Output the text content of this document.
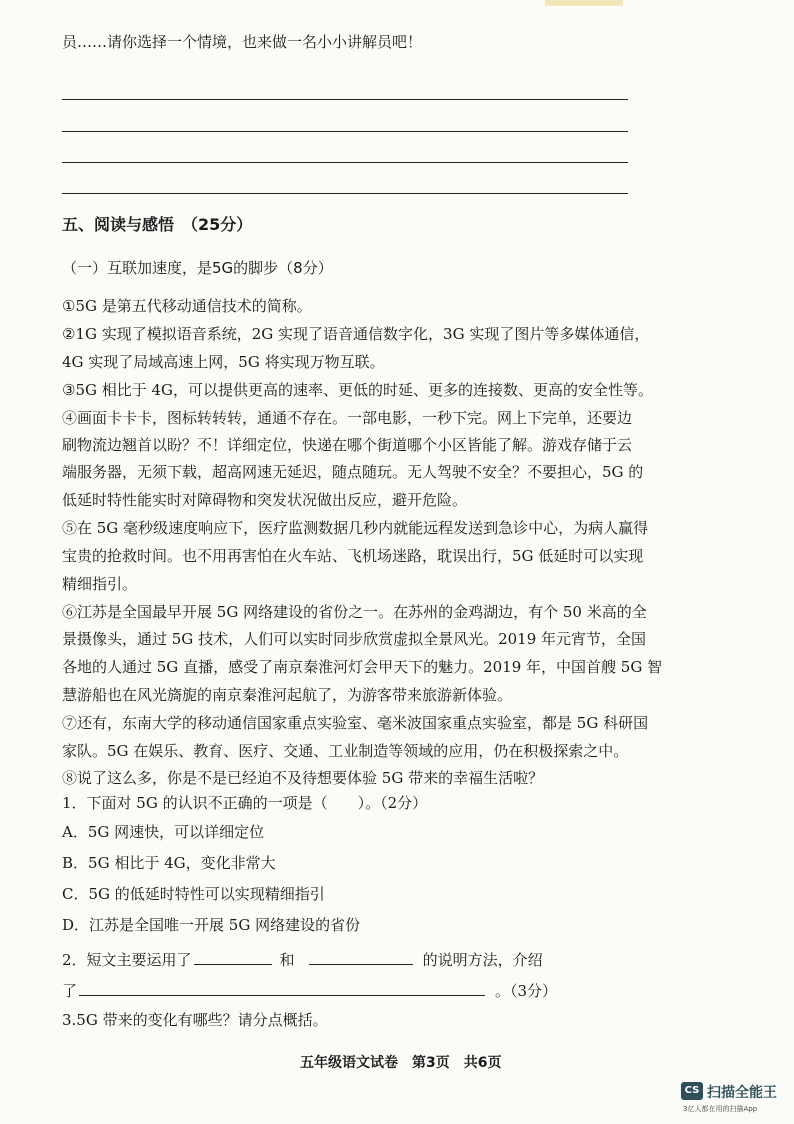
员……请你选择一个情境，也来做一名小小讲解员吧！
五、阅读与感悟　（25分）
（一）互联加速度，是5G的脚步（8分）
①5G 是第五代移动通信技术的简称。
②1G 实现了模拟语音系统，2G 实现了语音通信数字化，3G 实现了图片等多媒体通信，
4G 实现了局域高速上网，5G 将实现万物互联。
③5G 相比于 4G，可以提供更高的速率、更低的时延、更多的连接数、更高的安全性等。
④画面卡卡卡，图标转转转，通通不存在。一部电影，一秒下完。网上下完单，还要边
刷物流边翘首以盼？不！详细定位，快递在哪个街道哪个小区皆能了解。游戏存储于云
端服务器，无须下载，超高网速无延迟，随点随玩。无人驾驶不安全？不要担心，5G 的
低延时特性能实时对障碍物和突发状况做出反应，避开危险。
⑤在 5G 毫秒级速度响应下，医疗监测数据几秒内就能远程发送到急诊中心，为病人赢得
宝贵的抢救时间。也不用再害怕在火车站、飞机场迷路，耽误出行，5G 低延时可以实现
精细指引。
⑥江苏是全国最早开展 5G 网络建设的省份之一。在苏州的金鸡湖边，有个 50 米高的全
景摄像头，通过 5G 技术，人们可以实时同步欣赏虚拟全景风光。2019 年元宵节，全国
各地的人通过 5G 直播，感受了南京秦淮河灯会甲天下的魅力。2019 年，中国首艘 5G 智
慧游船也在风光旖旎的南京秦淮河起航了，为游客带来旅游新体验。
⑦还有，东南大学的移动通信国家重点实验室、毫米波国家重点实验室，都是 5G 科研国
家队。5G 在娱乐、教育、医疗、交通、工业制造等领域的应用，仍在积极探索之中。
⑧说了这么多，你是不是已经迫不及待想要体验 5G 带来的幸福生活啦？
1．下面对 5G 的认识不正确的一项是（　　）。（2分）
A．5G 网速快，可以详细定位
B．5G 相比于 4G，变化非常大
C．5G 的低延时特性可以实现精细指引
D．江苏是全国唯一开展 5G 网络建设的省份
2．短文主要运用了	和	的说明方法，介绍
了	。（3分）
3.5G 带来的变化有哪些？请分点概括。
五年级语文试卷　第3页　共6页
CS 扫描全能王
3亿人都在用的扫描App
